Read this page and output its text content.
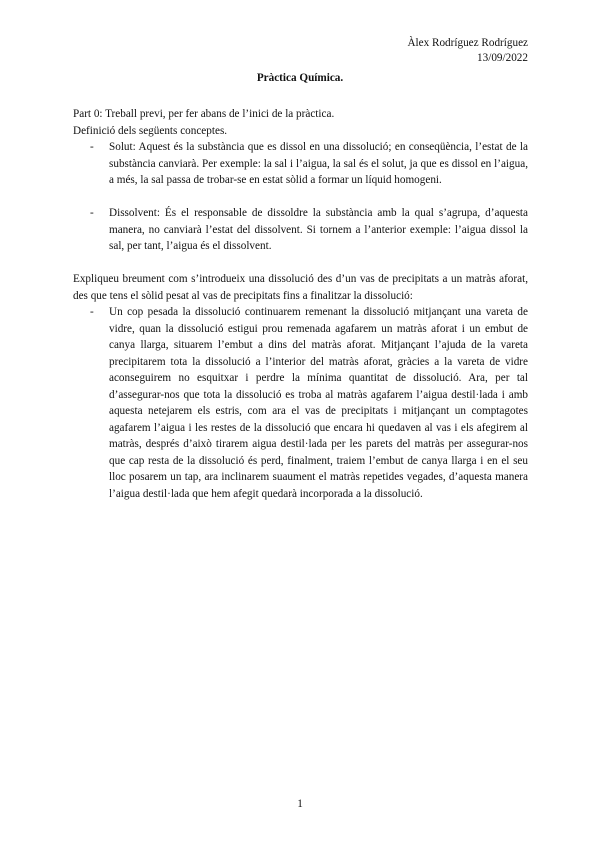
Àlex Rodríguez Rodríguez
13/09/2022
Pràctica Química.

Part 0: Treball previ, per fer abans de l’inici de la pràctica.

Definició dels següents conceptes.

- Solut: Aquest és la substància que es dissol en una dissolució; en conseqüència, l’estat de la substància canviarà. Per exemple: la sal i l’aigua, la sal és el solut, ja que es dissol en l’aigua, a més, la sal passa de trobar-se en estat sòlid a formar un líquid homogeni.
- Dissolvent: És el responsable de dissoldre la substància amb la qual s’agrupa, d’aquesta manera, no canviarà l’estat del dissolvent. Si tornem a l’anterior exemple: l’aigua dissol la sal, per tant, l’aigua és el dissolvent.

Expliqueu breument com s’introdueix una dissolució des d’un vas de precipitats a un matràs aforat, des que tens el sòlid pesat al vas de precipitats fins a finalitzar la dissolució:

- Un cop pesada la dissolució continuarem remenant la dissolució mitjançant una vareta de vidre, quan la dissolució estigui prou remenada agafarem un matràs aforat i un embut de canya llarga, situarem l’embut a dins del matràs aforat. Mitjançant l’ajuda de la vareta precipitarem tota la dissolució a l’interior del matràs aforat, gràcies a la vareta de vidre aconseguirem no esquitxar i perdre la mínima quantitat de dissolució. Ara, per tal d’assegurar-nos que tota la dissolució es troba al matràs agafarem l’aigua destil·lada i amb aquesta netejarem els estris, com ara el vas de precipitats i mitjançant un comptagotes agafarem l’aigua i les restes de la dissolució que encara hi quedaven al vas i els afegirem al matràs, després d’això tirarem aigua destil·lada per les parets del matràs per assegurar-nos que cap resta de la dissolució és perd, finalment, traiem l’embut de canya llarga i en el seu lloc posarem un tap, ara inclinarem suaument el matràs repetides vegades, d’aquesta manera l’aigua destil·lada que hem afegit quedarà incorporada a la dissolució.
1
